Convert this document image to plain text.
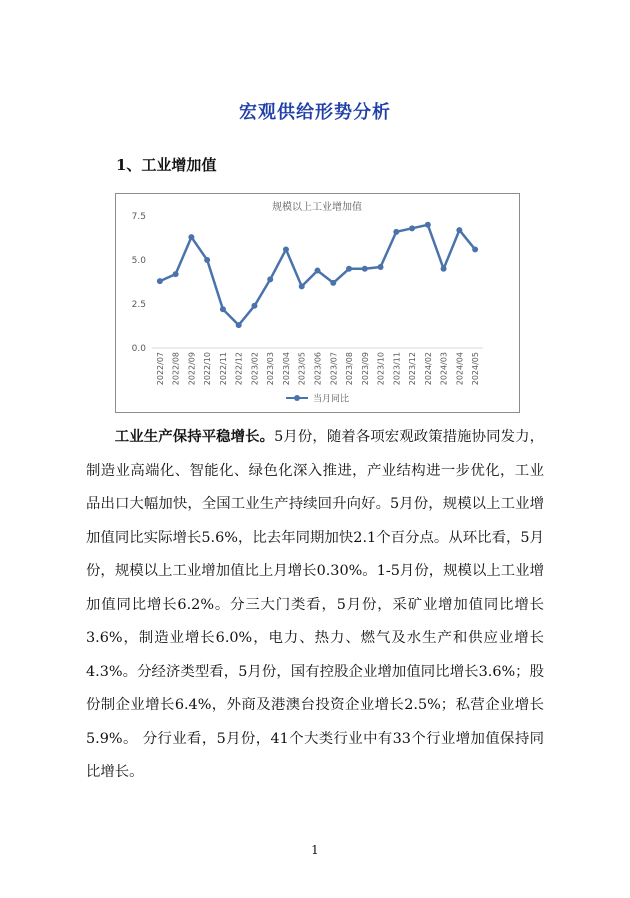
宏观供给形势分析
1、工业增加值
规模以上工业增加值
0.0
2.5
5.0
7.5
2022/07 2022/08 2022/09 2022/10 2022/11 2022/12 2023/02 2023/03 2023/04 2023/05 2023/06 2023/07 2023/08 2023/09 2023/10 2023/11 2023/12 2024/02 2024/03 2024/04 2024/05
当月同比

工业生产保持平稳增长。5月份，随着各项宏观政策措施协同发力，制造业高端化、智能化、绿色化深入推进，产业结构进一步优化，工业品出口大幅加快，全国工业生产持续回升向好。5月份，规模以上工业增加值同比实际增长5.6%，比去年同期加快2.1个百分点。从环比看，5月份，规模以上工业增加值比上月增长0.30%。1-5月份，规模以上工业增加值同比增长6.2%。分三大门类看，5月份，采矿业增加值同比增长3.6%，制造业增长6.0%，电力、热力、燃气及水生产和供应业增长4.3%。分经济类型看，5月份，国有控股企业增加值同比增长3.6%；股份制企业增长6.4%，外商及港澳台投资企业增长2.5%；私营企业增长5.9%。 分行业看，5月份，41个大类行业中有33个行业增加值保持同比增长。

1
